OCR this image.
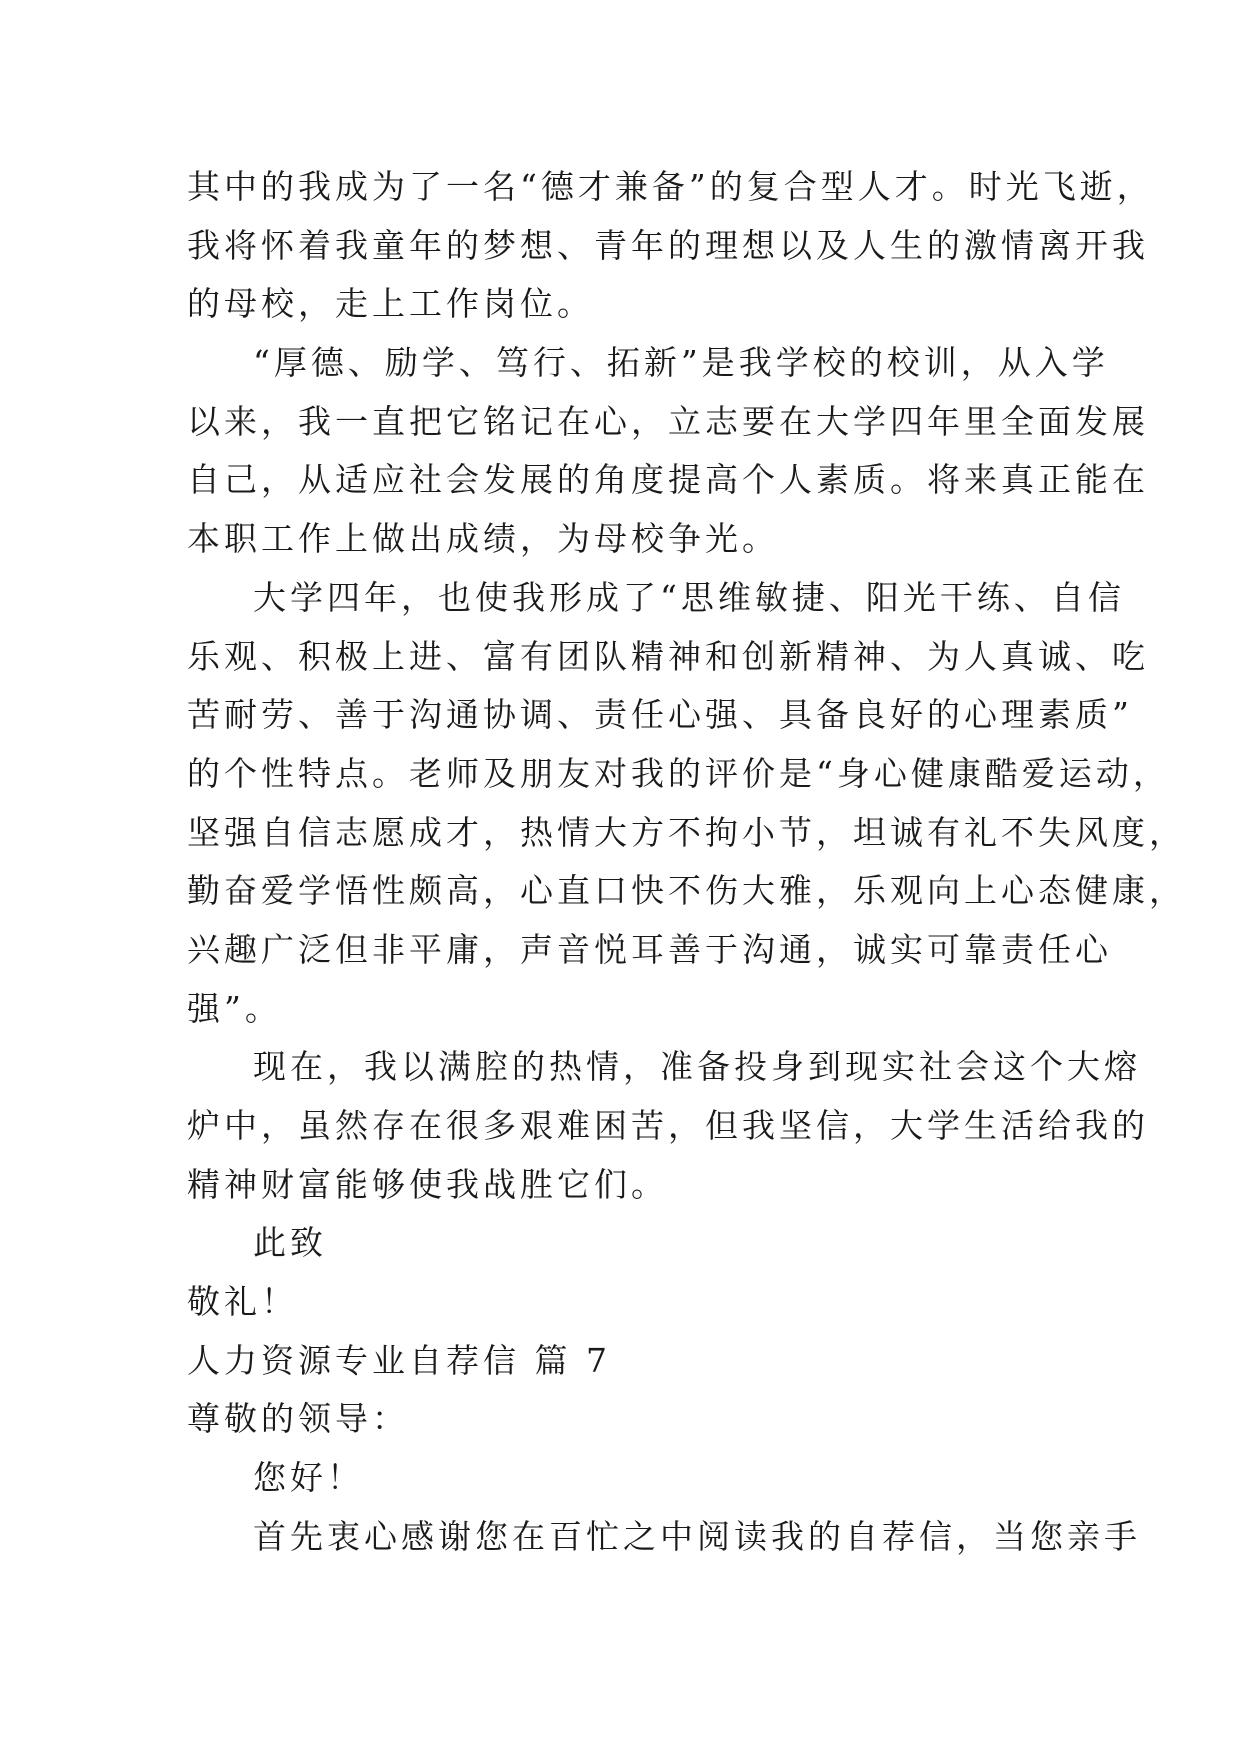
其中的我成为了一名“德才兼备”的复合型人才。时光飞逝，
我将怀着我童年的梦想、青年的理想以及人生的激情离开我
的母校，走上工作岗位。
“厚德、励学、笃行、拓新”是我学校的校训，从入学
以来，我一直把它铭记在心，立志要在大学四年里全面发展
自己，从适应社会发展的角度提高个人素质。将来真正能在
本职工作上做出成绩，为母校争光。
大学四年，也使我形成了“思维敏捷、阳光干练、自信
乐观、积极上进、富有团队精神和创新精神、为人真诚、吃
苦耐劳、善于沟通协调、责任心强、具备良好的心理素质”
的个性特点。老师及朋友对我的评价是“身心健康酷爱运动，
坚强自信志愿成才，热情大方不拘小节，坦诚有礼不失风度，
勤奋爱学悟性颇高，心直口快不伤大雅，乐观向上心态健康，
兴趣广泛但非平庸，声音悦耳善于沟通，诚实可靠责任心
强”。
现在，我以满腔的热情，准备投身到现实社会这个大熔
炉中，虽然存在很多艰难困苦，但我坚信，大学生活给我的
精神财富能够使我战胜它们。
此致
敬礼！
人力资源专业自荐信 篇 7
尊敬的领导：
您好！
首先衷心感谢您在百忙之中阅读我的自荐信，当您亲手
